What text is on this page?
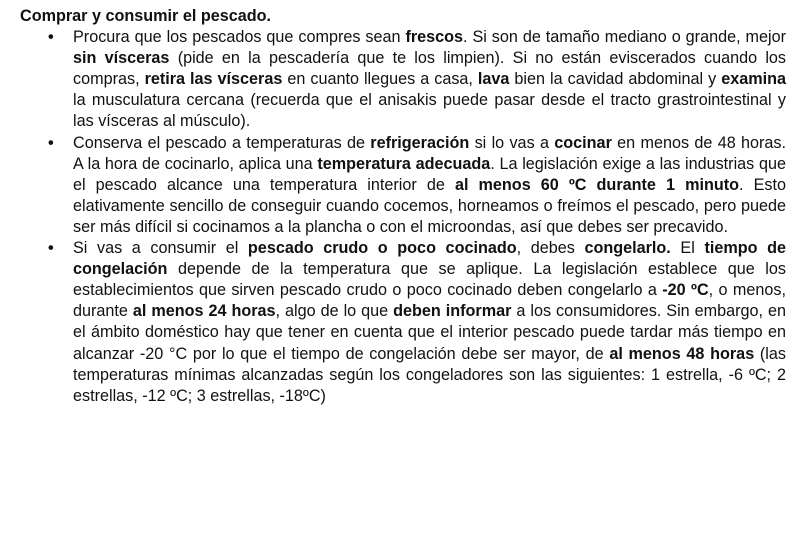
Comprar y consumir el pescado.
• Procura que los pescados que compres sean frescos. Si son de tamaño mediano o grande, mejor sin vísceras (pide en la pescadería que te los limpien). Si no están eviscerados cuando los compras, retira las vísceras en cuanto llegues a casa, lava bien la cavidad abdominal y examina la musculatura cercana (recuerda que el anisakis puede pasar desde el tracto grastrointestinal y las vísceras al músculo).
• Conserva el pescado a temperaturas de refrigeración si lo vas a cocinar en menos de 48 horas. A la hora de cocinarlo, aplica una temperatura adecuada. La legislación exige a las industrias que el pescado alcance una temperatura interior de al menos 60 ºC durante 1 minuto. Esto elativamente sencillo de conseguir cuando cocemos, horneamos o freímos el pescado, pero puede ser más difícil si cocinamos a la plancha o con el microondas, así que debes ser precavido.
• Si vas a consumir el pescado crudo o poco cocinado, debes congelarlo. El tiempo de congelación depende de la temperatura que se aplique. La legislación establece que los establecimientos que sirven pescado crudo o poco cocinado deben congelarlo a -20 ºC, o menos, durante al menos 24 horas, algo de lo que deben informar a los consumidores. Sin embargo, en el ámbito doméstico hay que tener en cuenta que el interior pescado puede tardar más tiempo en alcanzar -20 °C por lo que el tiempo de congelación debe ser mayor, de al menos 48 horas (las temperaturas mínimas alcanzadas según los congeladores son las siguientes: 1 estrella, -6 ºC; 2 estrellas, -12 ºC; 3 estrellas, -18ºC)
